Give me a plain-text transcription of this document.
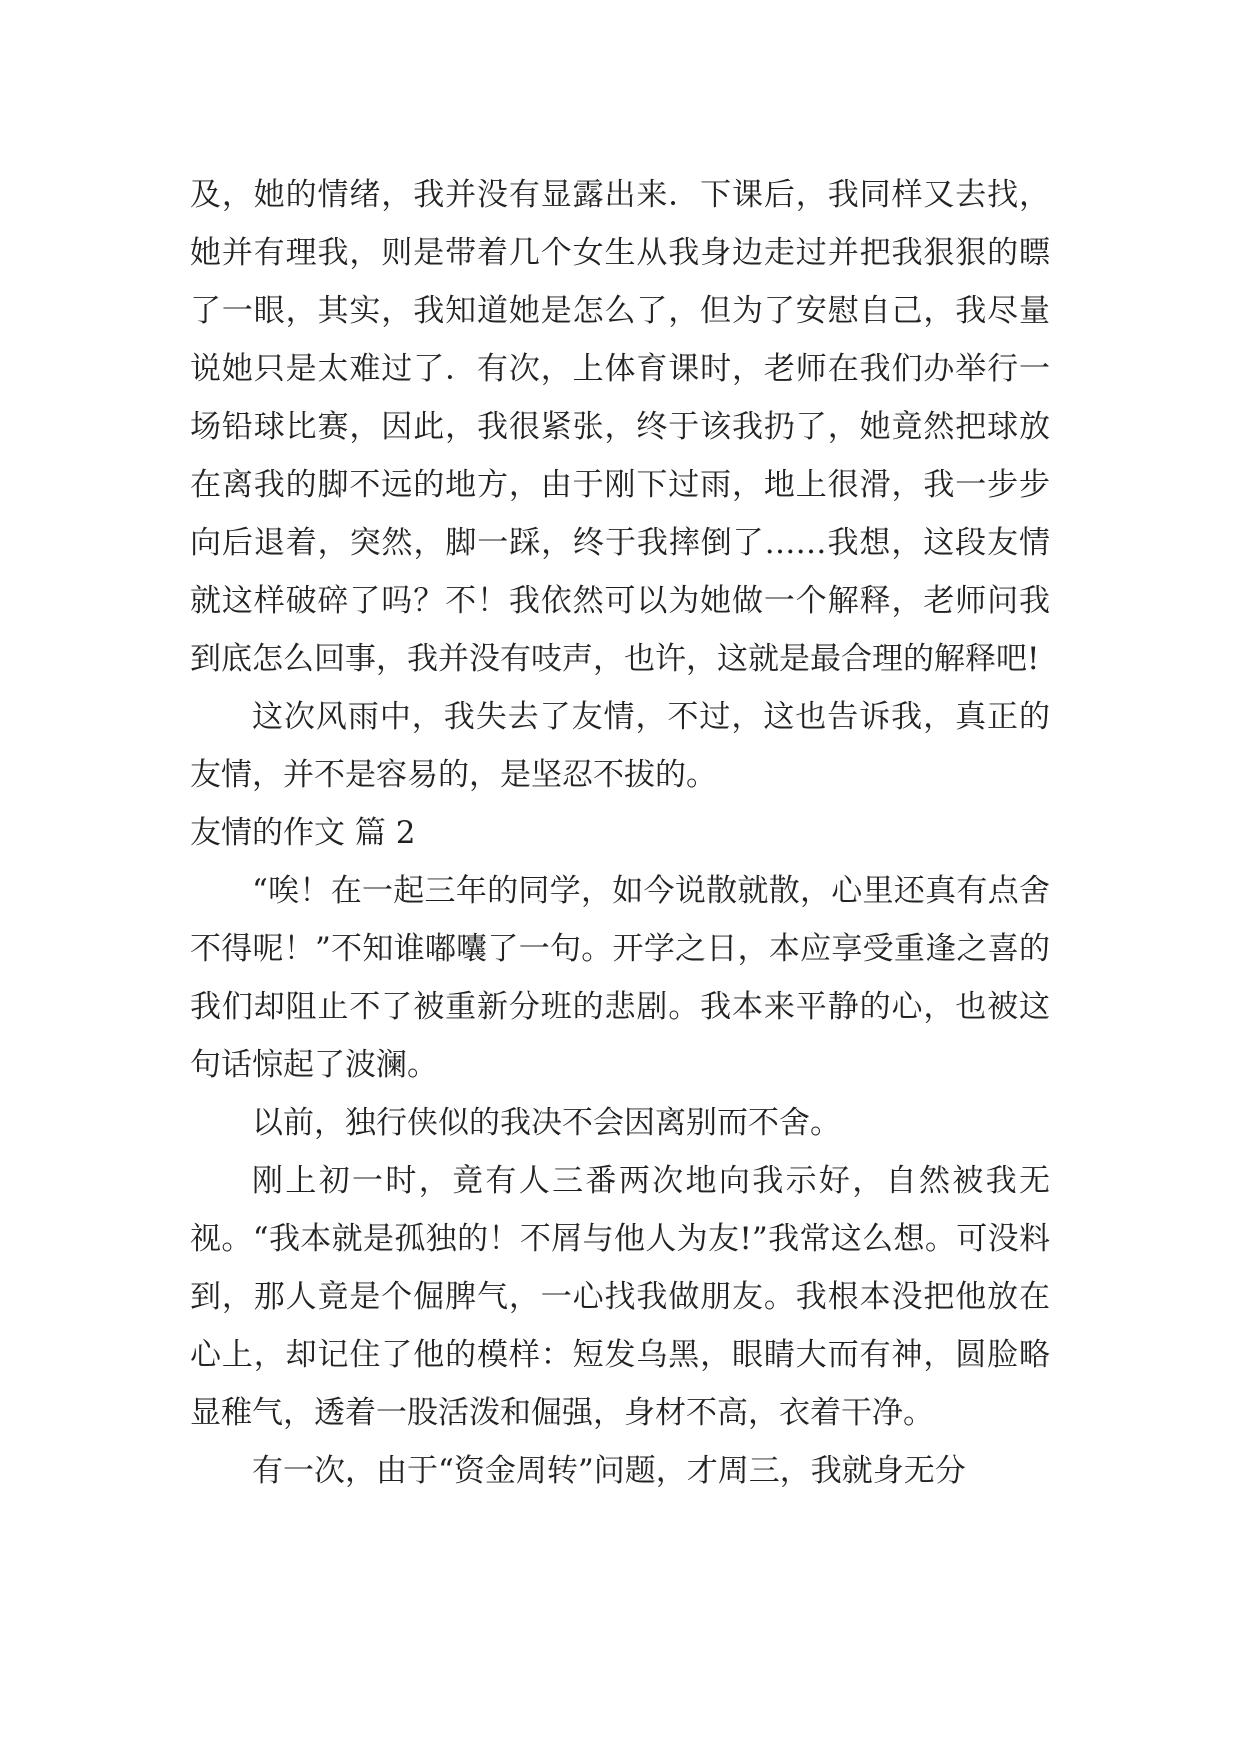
及，她的情绪，我并没有显露出来．下课后，我同样又去找，她并有理我，则是带着几个女生从我身边走过并把我狠狠的瞟了一眼，其实，我知道她是怎么了，但为了安慰自己，我尽量说她只是太难过了．有次，上体育课时，老师在我们办举行一场铅球比赛，因此，我很紧张，终于该我扔了，她竟然把球放在离我的脚不远的地方，由于刚下过雨，地上很滑，我一步步向后退着，突然，脚一踩，终于我摔倒了……我想，这段友情就这样破碎了吗？不！我依然可以为她做一个解释，老师问我到底怎么回事，我并没有吱声，也许，这就是最合理的解释吧!

这次风雨中，我失去了友情，不过，这也告诉我，真正的友情，并不是容易的，是坚忍不拔的。

友情的作文 篇 2

“唉！在一起三年的同学，如今说散就散，心里还真有点舍不得呢！”不知谁嘟囔了一句。开学之日，本应享受重逢之喜的我们却阻止不了被重新分班的悲剧。我本来平静的心，也被这句话惊起了波澜。

以前，独行侠似的我决不会因离别而不舍。

刚上初一时，竟有人三番两次地向我示好，自然被我无视。“我本就是孤独的！不屑与他人为友!”我常这么想。可没料到，那人竟是个倔脾气，一心找我做朋友。我根本没把他放在心上，却记住了他的模样：短发乌黑，眼睛大而有神，圆脸略显稚气，透着一股活泼和倔强，身材不高，衣着干净。

有一次，由于“资金周转”问题，才周三，我就身无分
